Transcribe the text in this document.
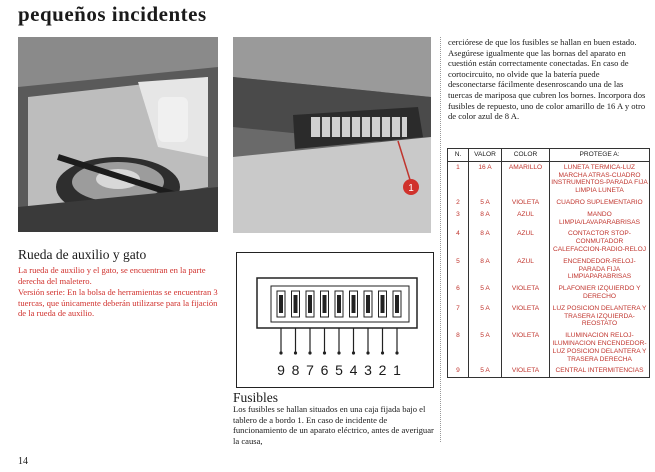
pequeños incidentes
1
Rueda de auxilio y gato
La rueda de auxilio y el gato, se encuentran en la parte derecha del maletero.
Versión serie: En la bolsa de herramientas se encuentran 3 tuercas, que únicamente deberán utilizarse para la fijación de la rueda de auxilio.
9 8 7 6 5 4 3 2 1
Fusibles
Los fusibles se hallan situados en una caja fijada bajo el tablero de a bordo 1. En caso de incidente de funcionamiento de un aparato eléctrico, antes de averiguar la causa,
cerciórese de que los fusibles se hallan en buen estado. Asegúrese igualmente que las bornas del aparato en cuestión están correctamente conectadas. En caso de cortocircuito, no olvide que la batería puede desconectarse fácilmente desenroscando una de las tuercas de mariposa que cubren los bornes. Incorpora dos fusibles de repuesto, uno de color amarillo de 16 A y otro de color azul de 8 A.
N.	VALOR	COLOR	PROTEGE A:
1	16 A	AMARILLO	LUNETA TERMICA-LUZ MARCHA ATRAS-CUADRO INSTRUMENTOS-PARADA FIJA LIMPIA LUNETA
2	5 A	VIOLETA	CUADRO SUPLEMENTARIO
3	8 A	AZUL	MANDO LIMPIA/LAVAPARABRISAS
4	8 A	AZUL	CONTACTOR STOP-CONMUTADOR CALEFACCION-RADIO-RELOJ
5	8 A	AZUL	ENCENDEDOR-RELOJ-PARADA FIJA LIMPIAPARABRISAS
6	5 A	VIOLETA	PLAFONIER IZQUIERDO Y DERECHO
7	5 A	VIOLETA	LUZ POSICION DELANTERA Y TRASERA IZQUIERDA-REOSTATO
8	5 A	VIOLETA	ILUMINACION RELOJ-ILUMINACION ENCENDEDOR-LUZ POSICION DELANTERA Y TRASERA DERECHA
9	5 A	VIOLETA	CENTRAL INTERMITENCIAS
14
